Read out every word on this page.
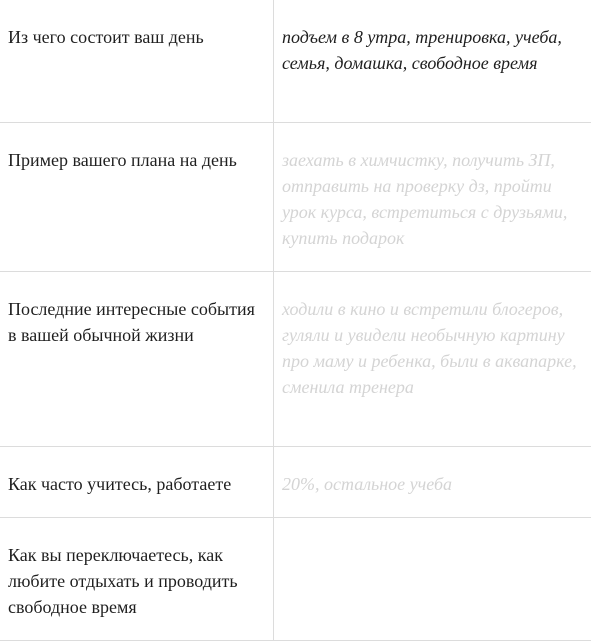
Из чего состоит ваш день	подъем в 8 утра, тренировка, учеба, семья, домашка, свободное время
Пример вашего плана на день	заехать в химчистку, получить ЗП, отправить на проверку дз, пройти урок курса, встретиться с друзьями, купить подарок
Последние интересные события в вашей обычной жизни	ходили в кино и встретили блогеров, гуляли и увидели необычную картину про маму и ребенка, были в аквапарке, сменила тренера
Как часто учитесь, работаете	20%, остальное учеба
Как вы переключаетесь, как любите отдыхать и проводить свободное время	
